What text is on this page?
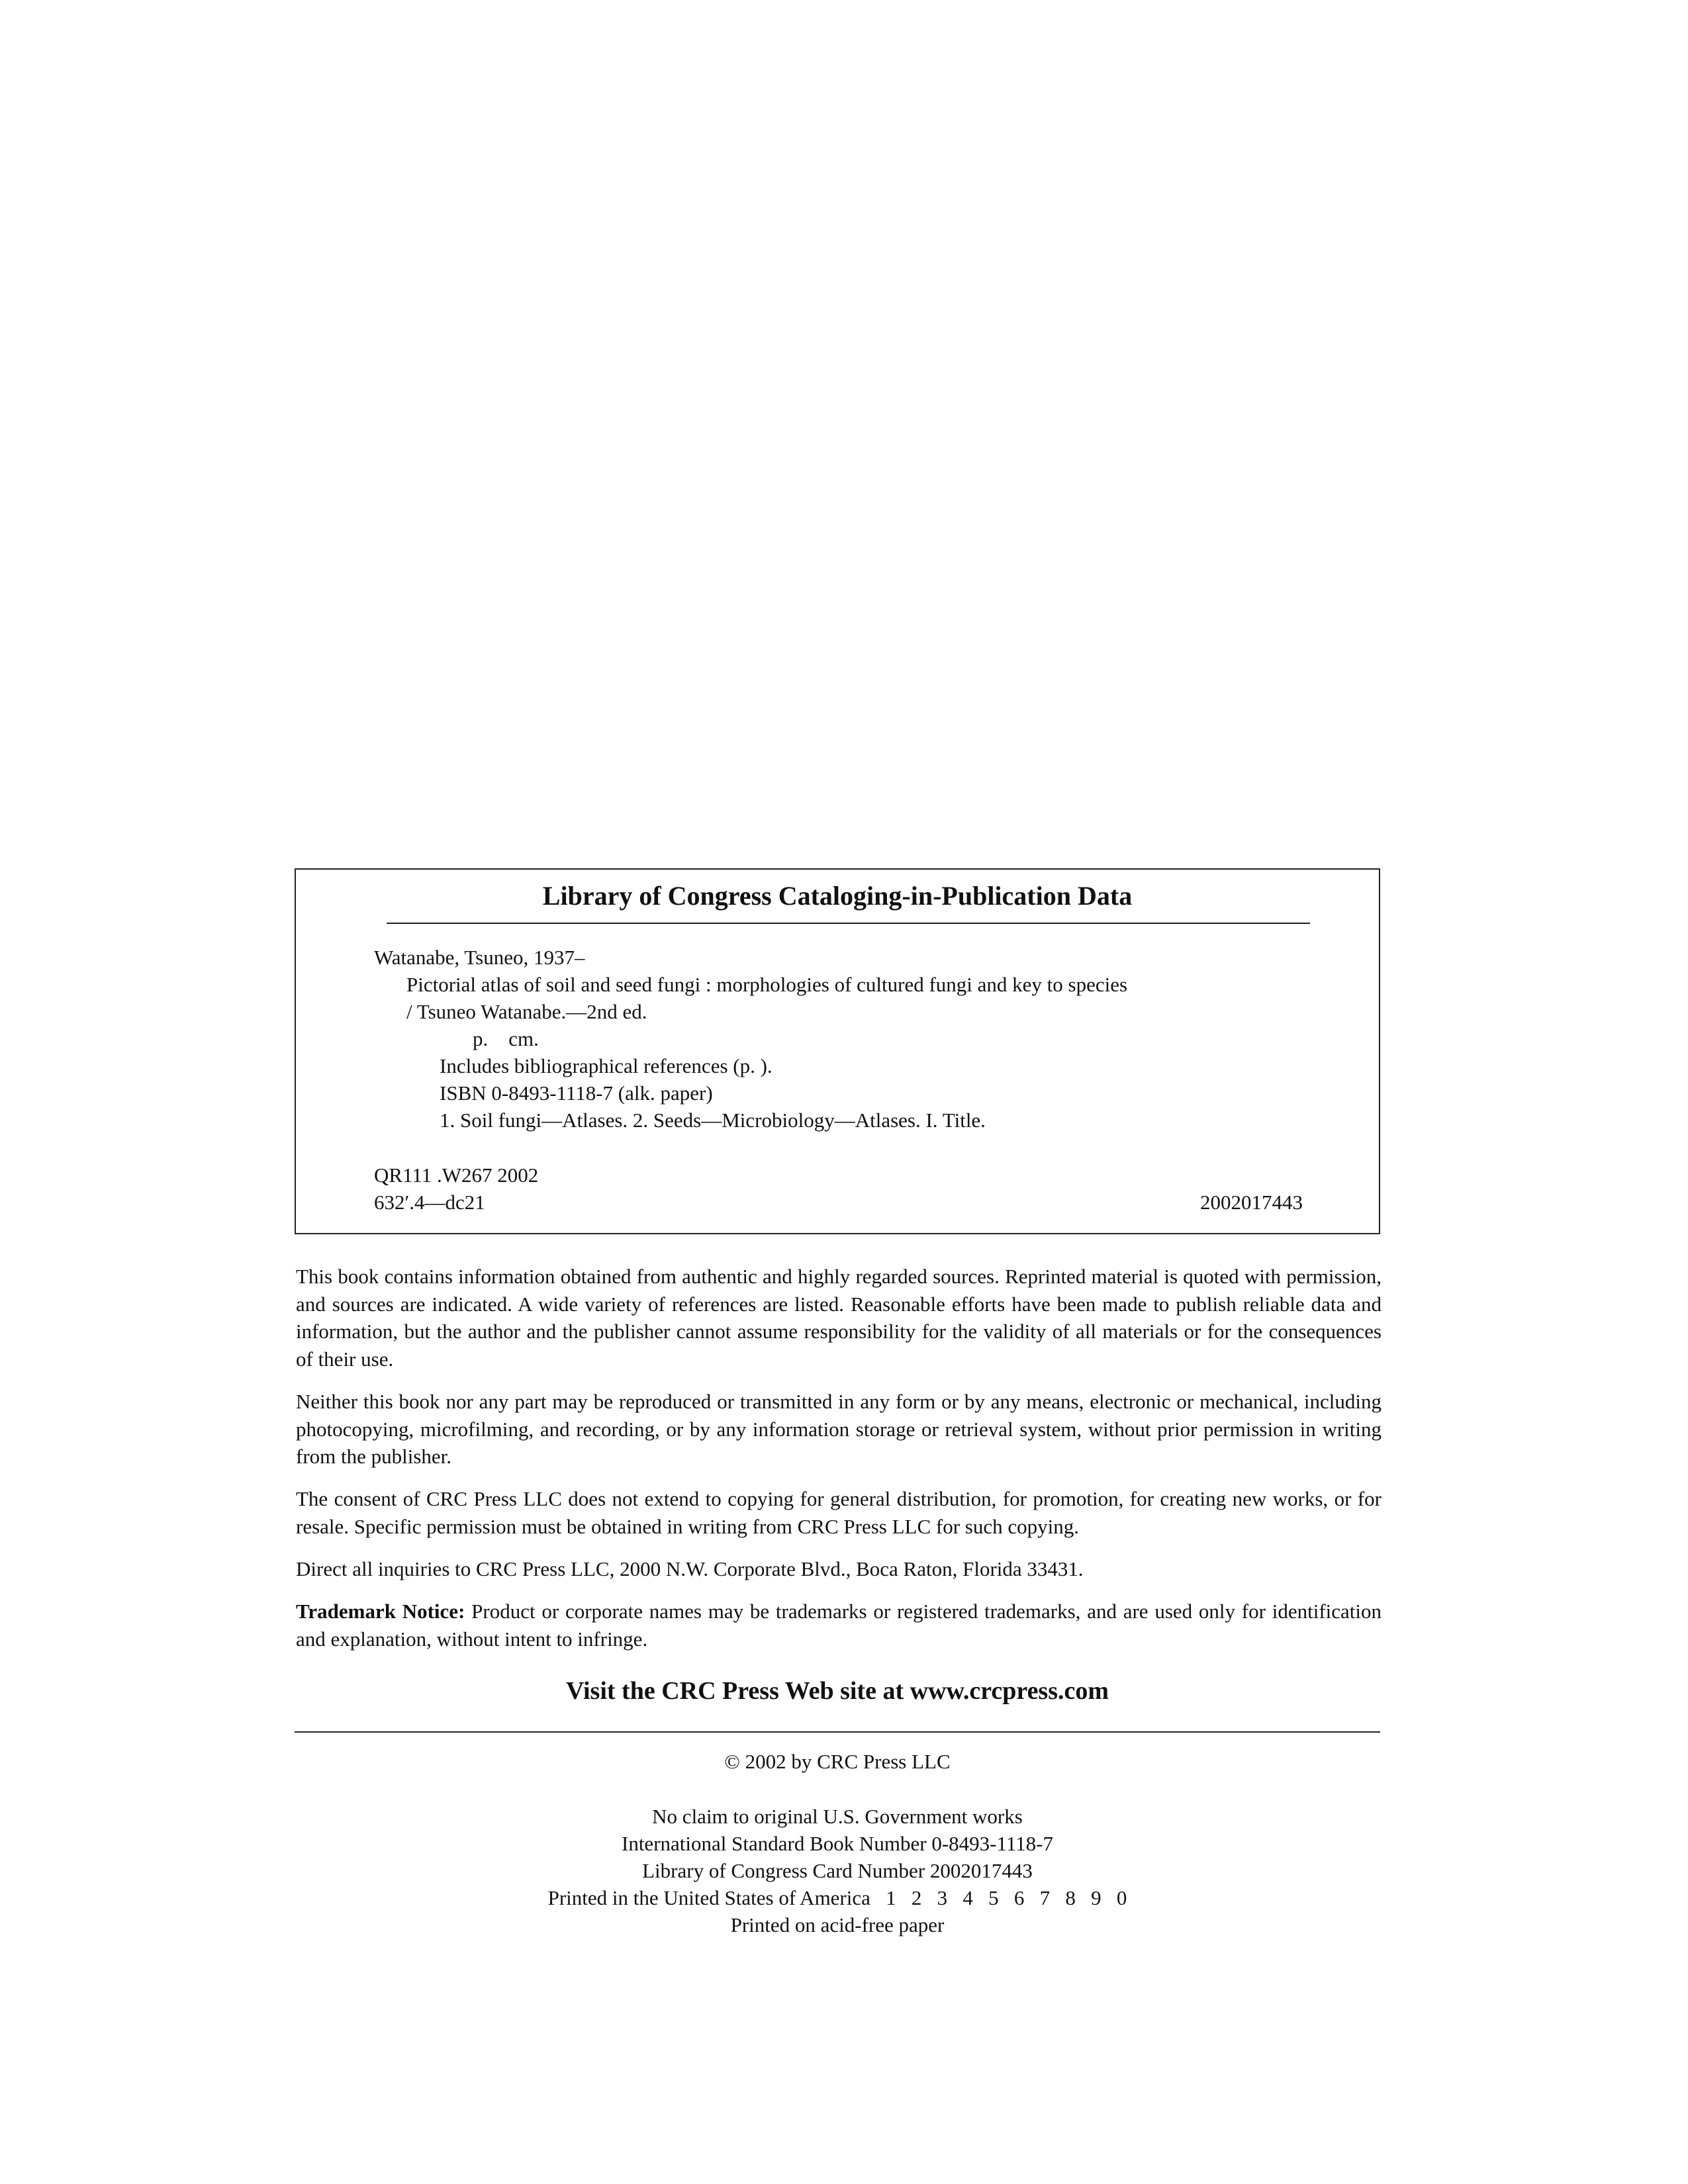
Library of Congress Cataloging-in-Publication Data
Watanabe, Tsuneo, 1937–
Pictorial atlas of soil and seed fungi : morphologies of cultured fungi and key to species
/ Tsuneo Watanabe.—2nd ed.
p.    cm.
Includes bibliographical references (p. ).
ISBN 0-8493-1118-7 (alk. paper)
1. Soil fungi—Atlases. 2. Seeds—Microbiology—Atlases. I. Title.
QR111 .W267 2002
632′.4—dc21	2002017443
This book contains information obtained from authentic and highly regarded sources. Reprinted material is quoted with permission, and sources are indicated. A wide variety of references are listed. Reasonable efforts have been made to publish reliable data and information, but the author and the publisher cannot assume responsibility for the validity of all materials or for the consequences of their use.
Neither this book nor any part may be reproduced or transmitted in any form or by any means, electronic or mechanical, including photocopying, microfilming, and recording, or by any information storage or retrieval system, without prior permission in writing from the publisher.
The consent of CRC Press LLC does not extend to copying for general distribution, for promotion, for creating new works, or for resale. Specific permission must be obtained in writing from CRC Press LLC for such copying.
Direct all inquiries to CRC Press LLC, 2000 N.W. Corporate Blvd., Boca Raton, Florida 33431.
Trademark Notice: Product or corporate names may be trademarks or registered trademarks, and are used only for identification and explanation, without intent to infringe.
Visit the CRC Press Web site at www.crcpress.com
© 2002 by CRC Press LLC
No claim to original U.S. Government works
International Standard Book Number 0-8493-1118-7
Library of Congress Card Number 2002017443
Printed in the United States of America   1   2   3   4   5   6   7   8   9   0
Printed on acid-free paper
